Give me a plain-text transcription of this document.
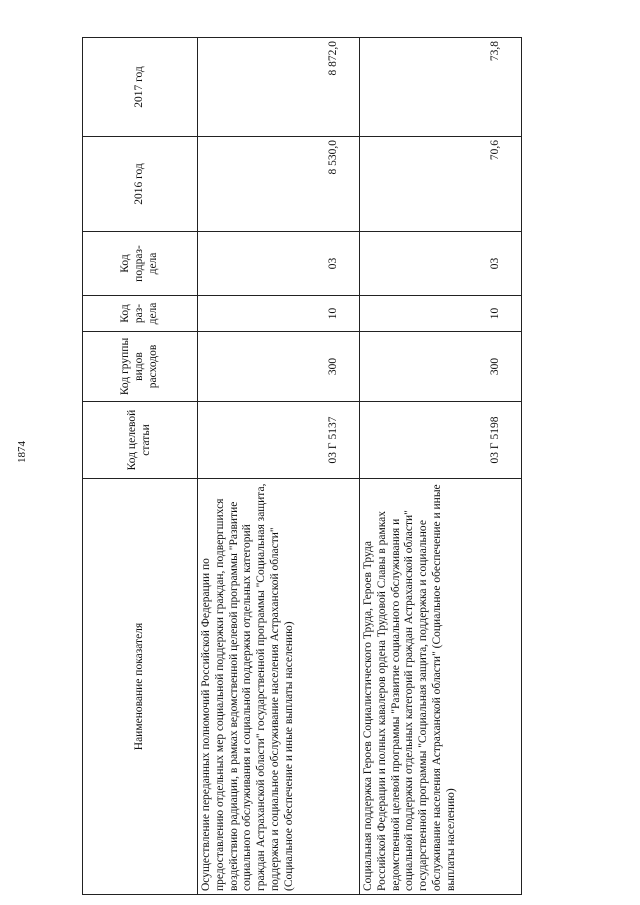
1874
Наименование показателя	Код целевой статьи	Код группы видов расходов	Код раз- дела	Код подраз- дела	2016 год	2017 год
Осуществление переданных полномочий Российской Федерации по предоставлению отдельных мер социальной поддержки граждан, подвергшихся воздействию радиации, в рамках ведомственной целевой программы "Развитие социального обслуживания и социальной поддержки отдельных категорий граждан Астраханской области" государственной программы "Социальная защита, поддержка и социальное обслуживание населения Астраханской области" (Социальное обеспечение и иные выплаты населению)	03 Г 5137	300	10	03	8 530,0	8 872,0
Социальная поддержка Героев Социалистического Труда, Героев Труда Российской Федерации и полных кавалеров ордена Трудовой Славы в рамках ведомственной целевой программы "Развитие социального обслуживания и социальной поддержки отдельных категорий граждан Астраханской области" государственной программы "Социальная защита, поддержка и социальное обслуживание населения Астраханской области" (Социальное обеспечение и иные выплаты населению)	03 Г 5198	300	10	03	70,6	73,8
